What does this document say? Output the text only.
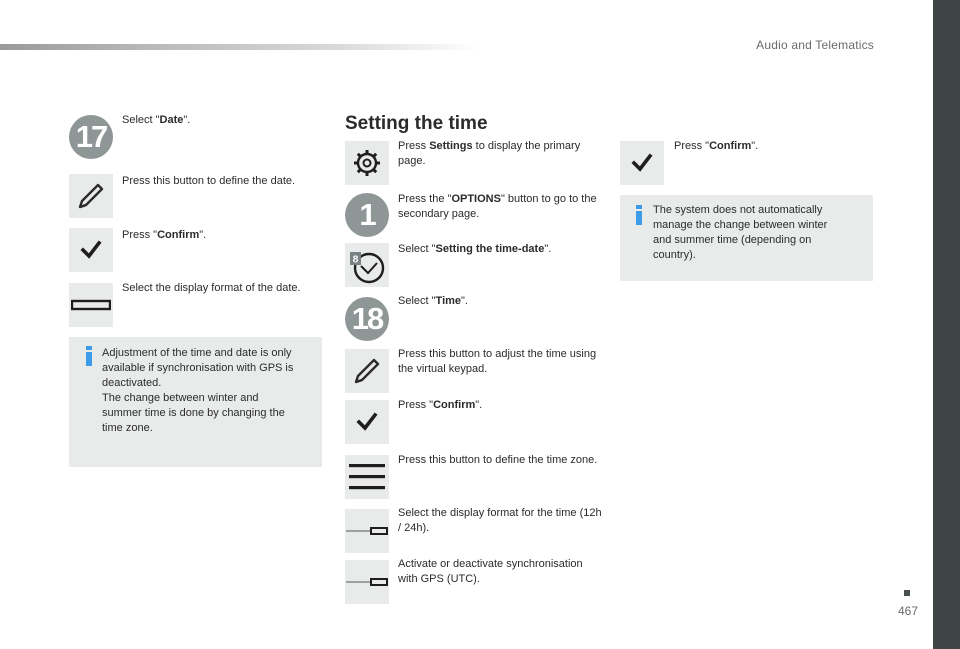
Audio and Telematics
467
17 Select "Date".
Press this button to define the date.
Press "Confirm".
Select the display format of the date.
Adjustment of the time and date is only
available if synchronisation with GPS is
deactivated.
The change between winter and
summer time is done by changing the
time zone.
Setting the time
Press Settings to display the primary page.
1 Press the "OPTIONS" button to go to the secondary page.
8
Select "Setting the time-date".
18 Select "Time".
Press this button to adjust the time using the virtual keypad.
Press "Confirm".
Press this button to define the time zone.
Select the display format for the time (12h / 24h).
Activate or deactivate synchronisation with GPS (UTC).
Press "Confirm".
The system does not automatically
manage the change between winter
and summer time (depending on
country).
